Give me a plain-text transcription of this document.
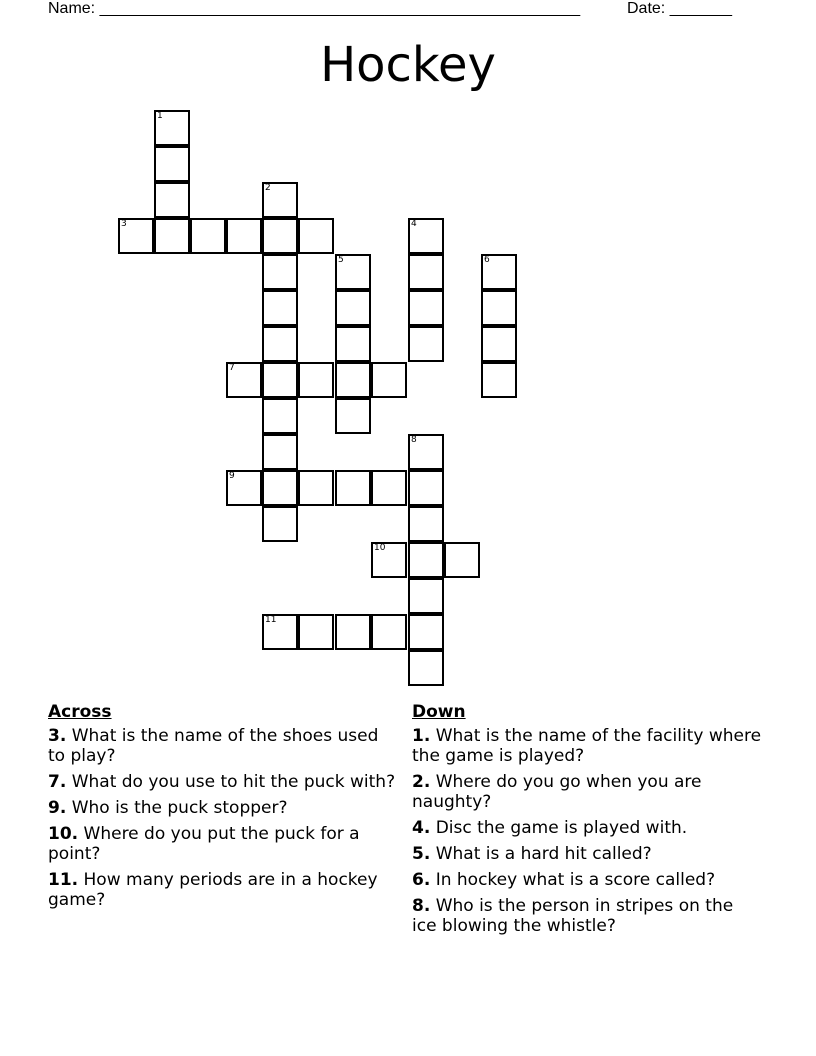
Name: ______________________________________________________	Date: _______
Hockey
1
3
2
4
5	6
7
8
9
10
11
Across
3. What is the name of the shoes used to play?
7. What do you use to hit the puck with?
9. Who is the puck stopper?
10. Where do you put the puck for a point?
11. How many periods are in a hockey game?
Down
1. What is the name of the facility where the game is played?
2. Where do you go when you are naughty?
4. Disc the game is played with.
5. What is a hard hit called?
6. In hockey what is a score called?
8. Who is the person in stripes on the ice blowing the whistle?
